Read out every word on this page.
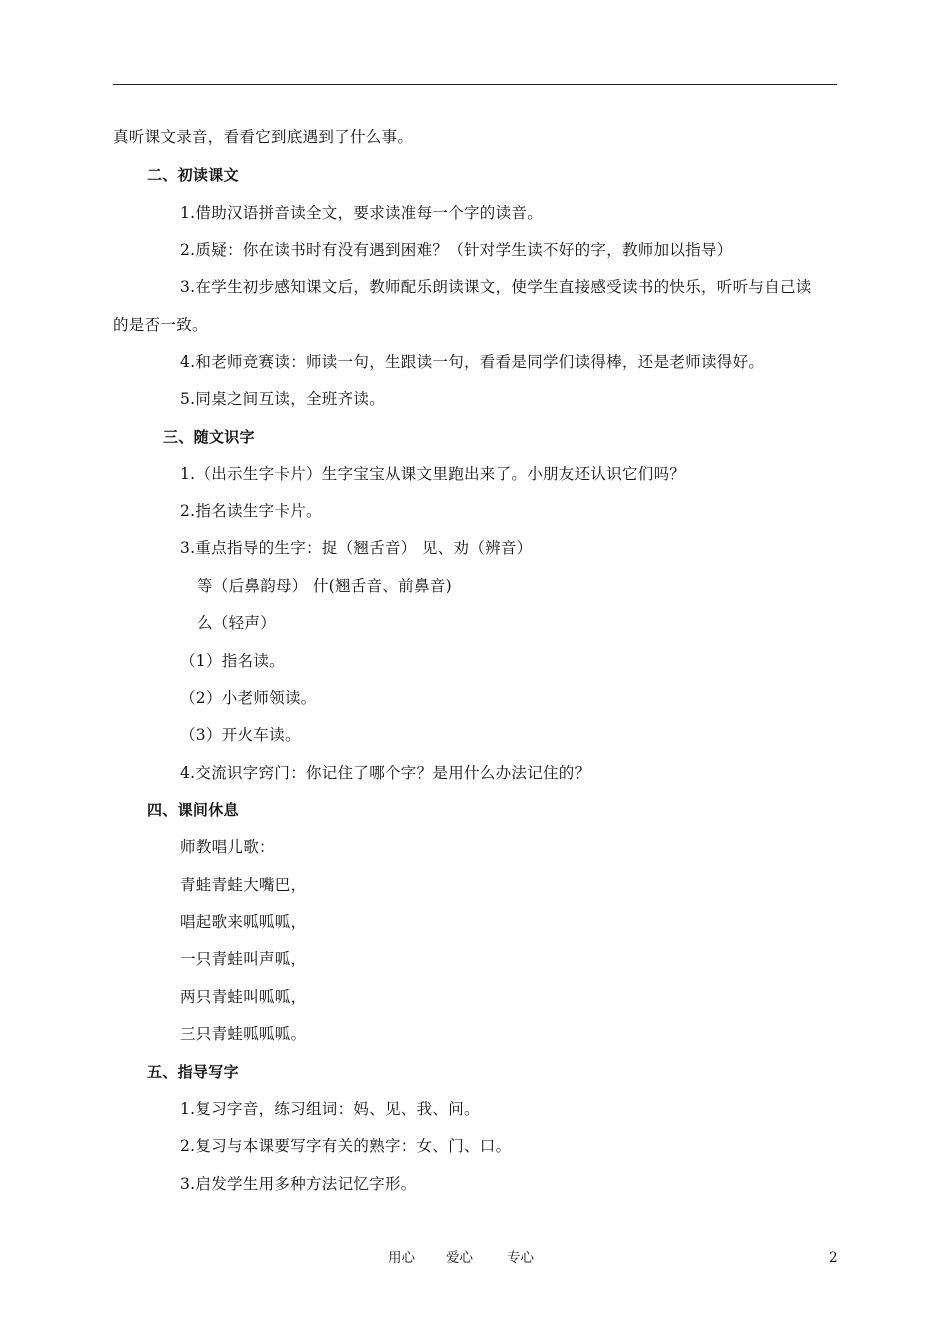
真听课文录音，看看它到底遇到了什么事。
二、初读课文
1.借助汉语拼音读全文，要求读准每一个字的读音。
2.质疑：你在读书时有没有遇到困难？（针对学生读不好的字，教师加以指导）
3.在学生初步感知课文后，教师配乐朗读课文，使学生直接感受读书的快乐，听听与自己读
的是否一致。
4.和老师竞赛读：师读一句，生跟读一句，看看是同学们读得棒，还是老师读得好。
5.同桌之间互读，全班齐读。
三、随文识字
1.（出示生字卡片）生字宝宝从课文里跑出来了。小朋友还认识它们吗？
2.指名读生字卡片。
3.重点指导的生字：捉（翘舌音） 见、劝（辨音）
等（后鼻韵母） 什(翘舌音、前鼻音)
么（轻声）
（1）指名读。
（2）小老师领读。
（3）开火车读。
4.交流识字窍门：你记住了哪个字？是用什么办法记住的？
四、课间休息
师教唱儿歌：
青蛙青蛙大嘴巴，
唱起歌来呱呱呱，
一只青蛙叫声呱，
两只青蛙叫呱呱，
三只青蛙呱呱呱。
五、指导写字
1.复习字音，练习组词：妈、见、我、问。
2.复习与本课要写字有关的熟字：女、门、口。
3.启发学生用多种方法记忆字形。
用心 爱心	专心	2
